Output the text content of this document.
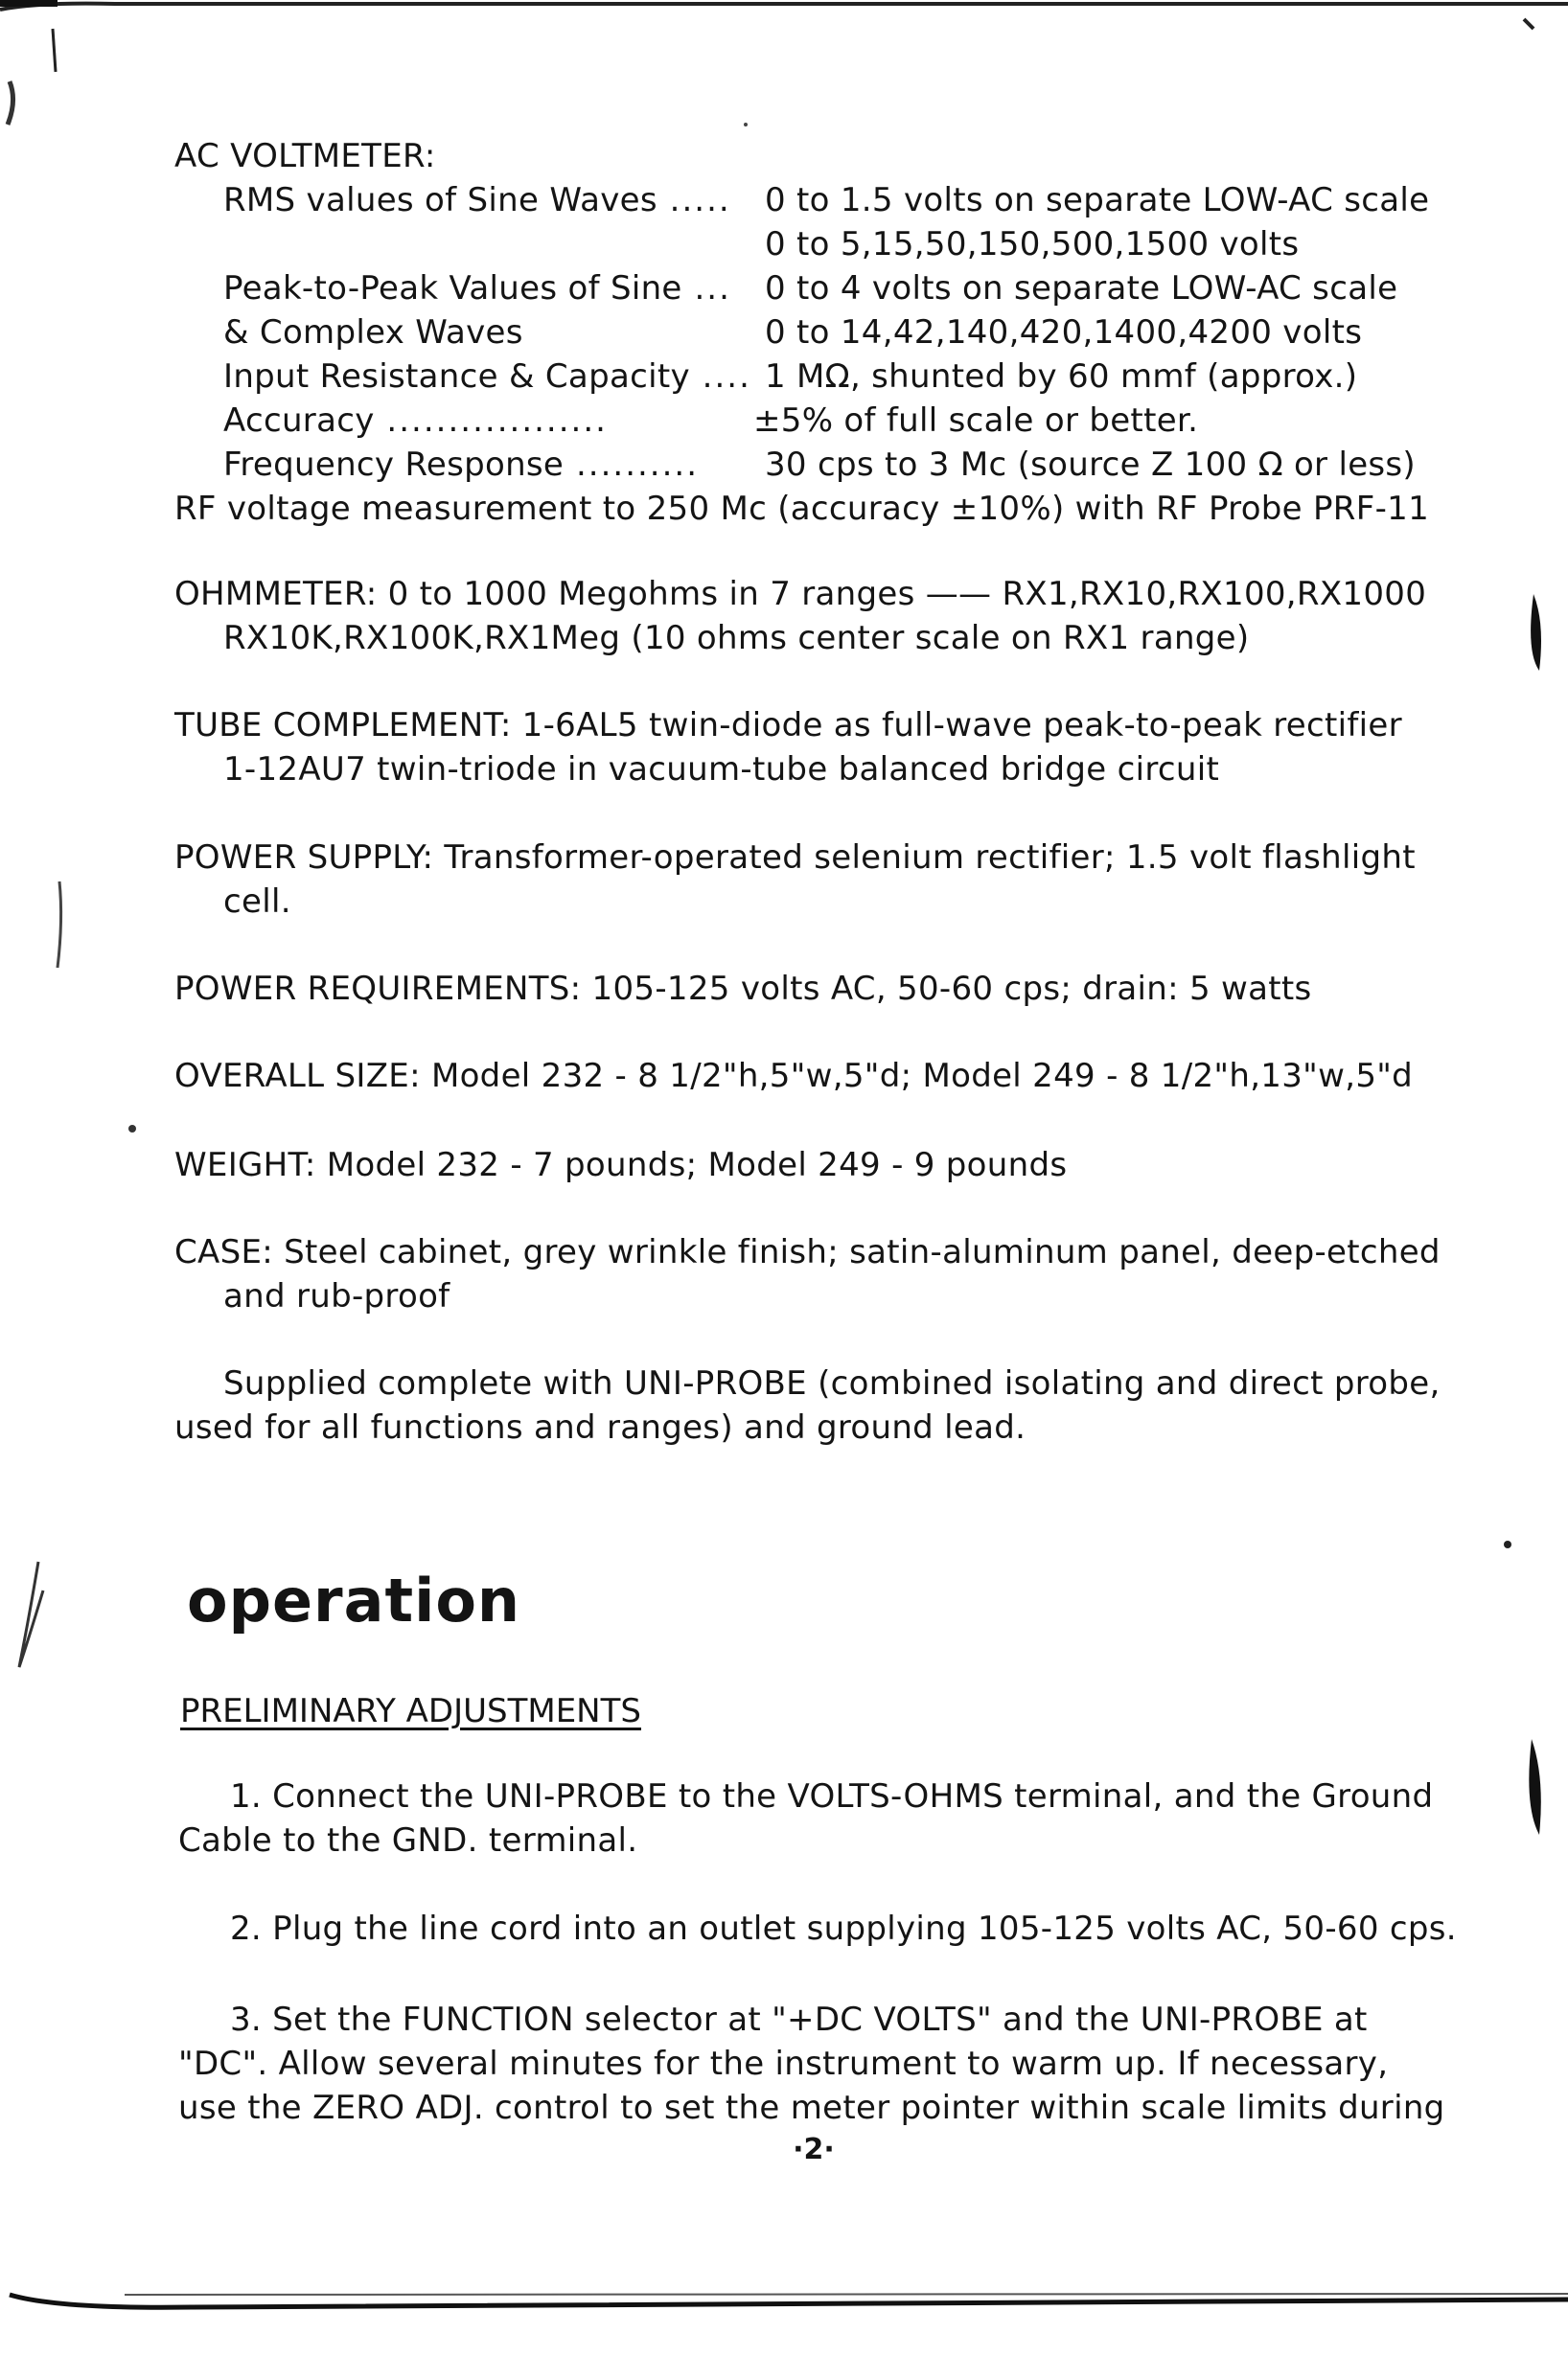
AC VOLTMETER:
RMS values of Sine Waves ..... 0 to 1.5 volts on separate LOW-AC scale
0 to 5,15,50,150,500,1500 volts
Peak-to-Peak Values of Sine ... 0 to 4 volts on separate LOW-AC scale
& Complex Waves	0 to 14,42,140,420,1400,4200 volts
Input Resistance & Capacity .... 1 MΩ, shunted by 60 mmf (approx.)
Accuracy ..................	±5% of full scale or better.
Frequency Response .......... 30 cps to 3 Mc (source Z 100 Ω or less)
RF voltage measurement to 250 Mc (accuracy ±10%) with RF Probe PRF-11
OHMMETER: 0 to 1000 Megohms in 7 ranges —— RX1,RX10,RX100,RX1000
RX10K,RX100K,RX1Meg (10 ohms center scale on RX1 range)
TUBE COMPLEMENT: 1-6AL5 twin-diode as full-wave peak-to-peak rectifier
1-12AU7 twin-triode in vacuum-tube balanced bridge circuit
POWER SUPPLY: Transformer-operated selenium rectifier; 1.5 volt flashlight
cell.
POWER REQUIREMENTS: 105-125 volts AC, 50-60 cps; drain: 5 watts
OVERALL SIZE: Model 232 - 8 1/2"h,5"w,5"d; Model 249 - 8 1/2"h,13"w,5"d
WEIGHT: Model 232 - 7 pounds; Model 249 - 9 pounds
CASE: Steel cabinet, grey wrinkle finish; satin-aluminum panel, deep-etched
and rub-proof
Supplied complete with UNI-PROBE (combined isolating and direct probe,
used for all functions and ranges) and ground lead.
operation
PRELIMINARY ADJUSTMENTS
1. Connect the UNI-PROBE to the VOLTS-OHMS terminal, and the Ground
Cable to the GND. terminal.
2. Plug the line cord into an outlet supplying 105-125 volts AC, 50-60 cps.
3. Set the FUNCTION selector at "+DC VOLTS" and the UNI-PROBE at
"DC". Allow several minutes for the instrument to warm up. If necessary,
use the ZERO ADJ. control to set the meter pointer within scale limits during
·2·
